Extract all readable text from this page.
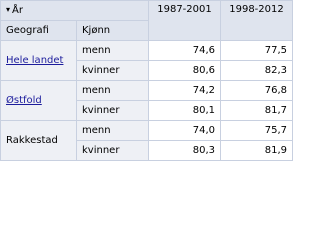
▾ År		1987-2001	1998-2012
Geografi	Kjønn		
Hele landet	menn	74,6	77,5
	kvinner	80,6	82,3
Østfold	menn	74,2	76,8
	kvinner	80,1	81,7
Rakkestad	menn	74,0	75,7
	kvinner	80,3	81,9
